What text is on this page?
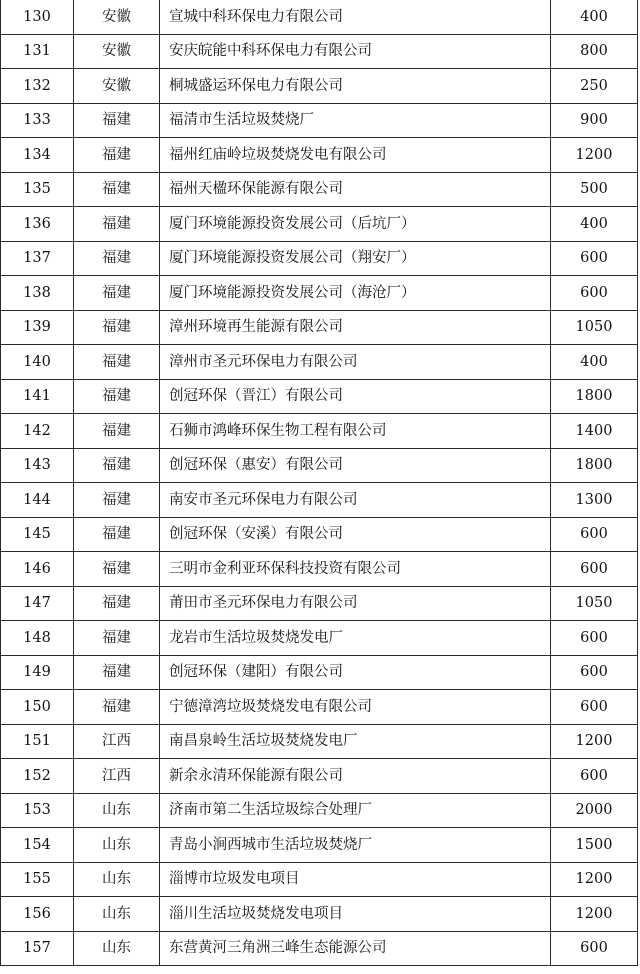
130	安徽	宣城中科环保电力有限公司	400
131	安徽	安庆皖能中科环保电力有限公司	800
132	安徽	桐城盛运环保电力有限公司	250
133	福建	福清市生活垃圾焚烧厂	900
134	福建	福州红庙岭垃圾焚烧发电有限公司	1200
135	福建	福州天楹环保能源有限公司	500
136	福建	厦门环境能源投资发展公司（后坑厂）	400
137	福建	厦门环境能源投资发展公司（翔安厂）	600
138	福建	厦门环境能源投资发展公司（海沧厂）	600
139	福建	漳州环境再生能源有限公司	1050
140	福建	漳州市圣元环保电力有限公司	400
141	福建	创冠环保（晋江）有限公司	1800
142	福建	石狮市鸿峰环保生物工程有限公司	1400
143	福建	创冠环保（惠安）有限公司	1800
144	福建	南安市圣元环保电力有限公司	1300
145	福建	创冠环保（安溪）有限公司	600
146	福建	三明市金利亚环保科技投资有限公司	600
147	福建	莆田市圣元环保电力有限公司	1050
148	福建	龙岩市生活垃圾焚烧发电厂	600
149	福建	创冠环保（建阳）有限公司	600
150	福建	宁德漳湾垃圾焚烧发电有限公司	600
151	江西	南昌泉岭生活垃圾焚烧发电厂	1200
152	江西	新余永清环保能源有限公司	600
153	山东	济南市第二生活垃圾综合处理厂	2000
154	山东	青岛小涧西城市生活垃圾焚烧厂	1500
155	山东	淄博市垃圾发电项目	1200
156	山东	淄川生活垃圾焚烧发电项目	1200
157	山东	东营黄河三角洲三峰生态能源公司	600
